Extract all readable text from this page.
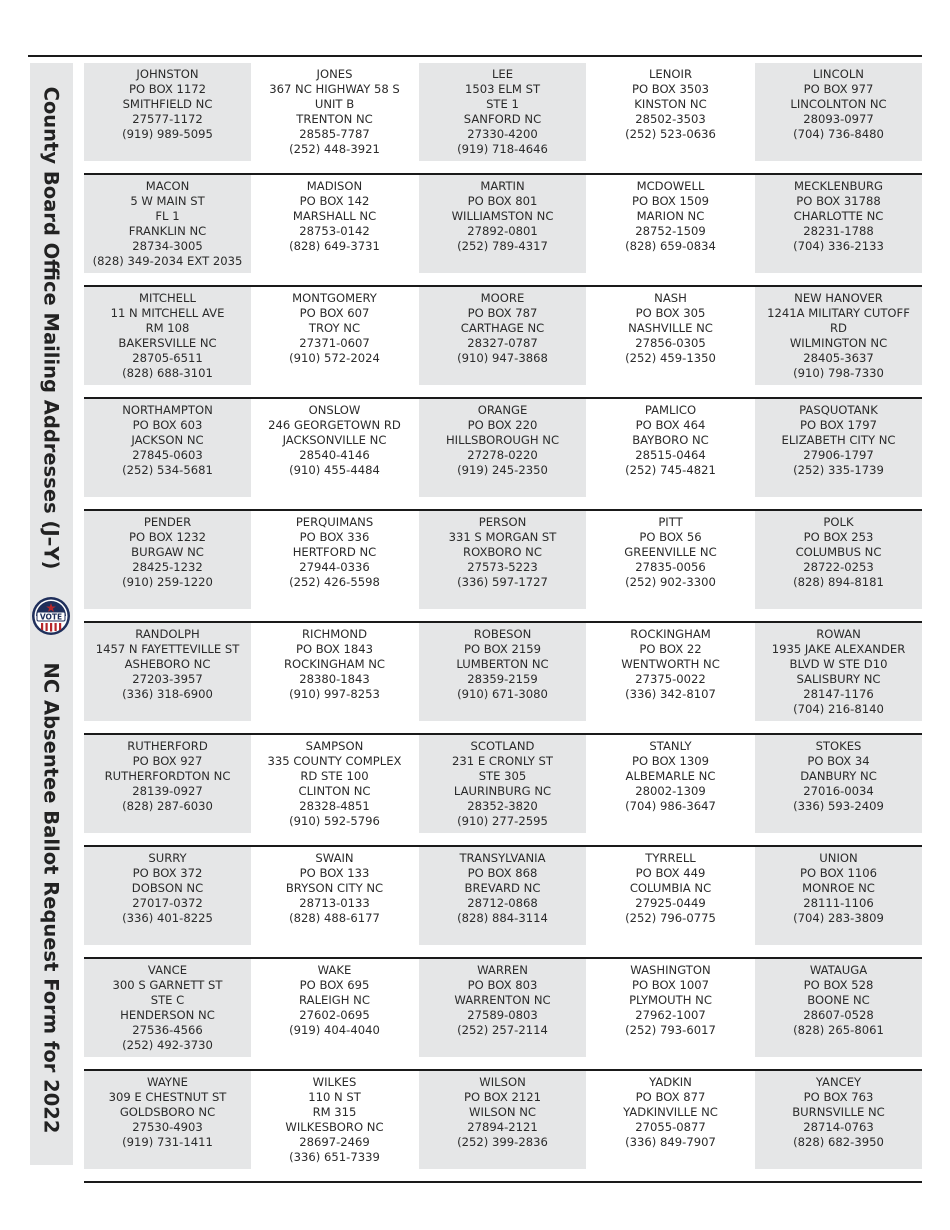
County Board Office Mailing Addresses (J–Y)
NC Absentee Ballot Request Form for 2022
VOTE
JOHNSTON
PO BOX 1172
SMITHFIELD NC
27577-1172
(919) 989-5095
JONES
367 NC HIGHWAY 58 S
UNIT B
TRENTON NC
28585-7787
(252) 448-3921
LEE
1503 ELM ST
STE 1
SANFORD NC
27330-4200
(919) 718-4646
LENOIR
PO BOX 3503
KINSTON NC
28502-3503
(252) 523-0636
LINCOLN
PO BOX 977
LINCOLNTON NC
28093-0977
(704) 736-8480
MACON
5 W MAIN ST
FL 1
FRANKLIN NC
28734-3005
(828) 349-2034 EXT 2035
MADISON
PO BOX 142
MARSHALL NC
28753-0142
(828) 649-3731
MARTIN
PO BOX 801
WILLIAMSTON NC
27892-0801
(252) 789-4317
MCDOWELL
PO BOX 1509
MARION NC
28752-1509
(828) 659-0834
MECKLENBURG
PO BOX 31788
CHARLOTTE NC
28231-1788
(704) 336-2133
MITCHELL
11 N MITCHELL AVE
RM 108
BAKERSVILLE NC
28705-6511
(828) 688-3101
MONTGOMERY
PO BOX 607
TROY NC
27371-0607
(910) 572-2024
MOORE
PO BOX 787
CARTHAGE NC
28327-0787
(910) 947-3868
NASH
PO BOX 305
NASHVILLE NC
27856-0305
(252) 459-1350
NEW HANOVER
1241A MILITARY CUTOFF
RD
WILMINGTON NC
28405-3637
(910) 798-7330
NORTHAMPTON
PO BOX 603
JACKSON NC
27845-0603
(252) 534-5681
ONSLOW
246 GEORGETOWN RD
JACKSONVILLE NC
28540-4146
(910) 455-4484
ORANGE
PO BOX 220
HILLSBOROUGH NC
27278-0220
(919) 245-2350
PAMLICO
PO BOX 464
BAYBORO NC
28515-0464
(252) 745-4821
PASQUOTANK
PO BOX 1797
ELIZABETH CITY NC
27906-1797
(252) 335-1739
PENDER
PO BOX 1232
BURGAW NC
28425-1232
(910) 259-1220
PERQUIMANS
PO BOX 336
HERTFORD NC
27944-0336
(252) 426-5598
PERSON
331 S MORGAN ST
ROXBORO NC
27573-5223
(336) 597-1727
PITT
PO BOX 56
GREENVILLE NC
27835-0056
(252) 902-3300
POLK
PO BOX 253
COLUMBUS NC
28722-0253
(828) 894-8181
RANDOLPH
1457 N FAYETTEVILLE ST
ASHEBORO NC
27203-3957
(336) 318-6900
RICHMOND
PO BOX 1843
ROCKINGHAM NC
28380-1843
(910) 997-8253
ROBESON
PO BOX 2159
LUMBERTON NC
28359-2159
(910) 671-3080
ROCKINGHAM
PO BOX 22
WENTWORTH NC
27375-0022
(336) 342-8107
ROWAN
1935 JAKE ALEXANDER
BLVD W STE D10
SALISBURY NC
28147-1176
(704) 216-8140
RUTHERFORD
PO BOX 927
RUTHERFORDTON NC
28139-0927
(828) 287-6030
SAMPSON
335 COUNTY COMPLEX
RD STE 100
CLINTON NC
28328-4851
(910) 592-5796
SCOTLAND
231 E CRONLY ST
STE 305
LAURINBURG NC
28352-3820
(910) 277-2595
STANLY
PO BOX 1309
ALBEMARLE NC
28002-1309
(704) 986-3647
STOKES
PO BOX 34
DANBURY NC
27016-0034
(336) 593-2409
SURRY
PO BOX 372
DOBSON NC
27017-0372
(336) 401-8225
SWAIN
PO BOX 133
BRYSON CITY NC
28713-0133
(828) 488-6177
TRANSYLVANIA
PO BOX 868
BREVARD NC
28712-0868
(828) 884-3114
TYRRELL
PO BOX 449
COLUMBIA NC
27925-0449
(252) 796-0775
UNION
PO BOX 1106
MONROE NC
28111-1106
(704) 283-3809
VANCE
300 S GARNETT ST
STE C
HENDERSON NC
27536-4566
(252) 492-3730
WAKE
PO BOX 695
RALEIGH NC
27602-0695
(919) 404-4040
WARREN
PO BOX 803
WARRENTON NC
27589-0803
(252) 257-2114
WASHINGTON
PO BOX 1007
PLYMOUTH NC
27962-1007
(252) 793-6017
WATAUGA
PO BOX 528
BOONE NC
28607-0528
(828) 265-8061
WAYNE
309 E CHESTNUT ST
GOLDSBORO NC
27530-4903
(919) 731-1411
WILKES
110 N ST
RM 315
WILKESBORO NC
28697-2469
(336) 651-7339
WILSON
PO BOX 2121
WILSON NC
27894-2121
(252) 399-2836
YADKIN
PO BOX 877
YADKINVILLE NC
27055-0877
(336) 849-7907
YANCEY
PO BOX 763
BURNSVILLE NC
28714-0763
(828) 682-3950
